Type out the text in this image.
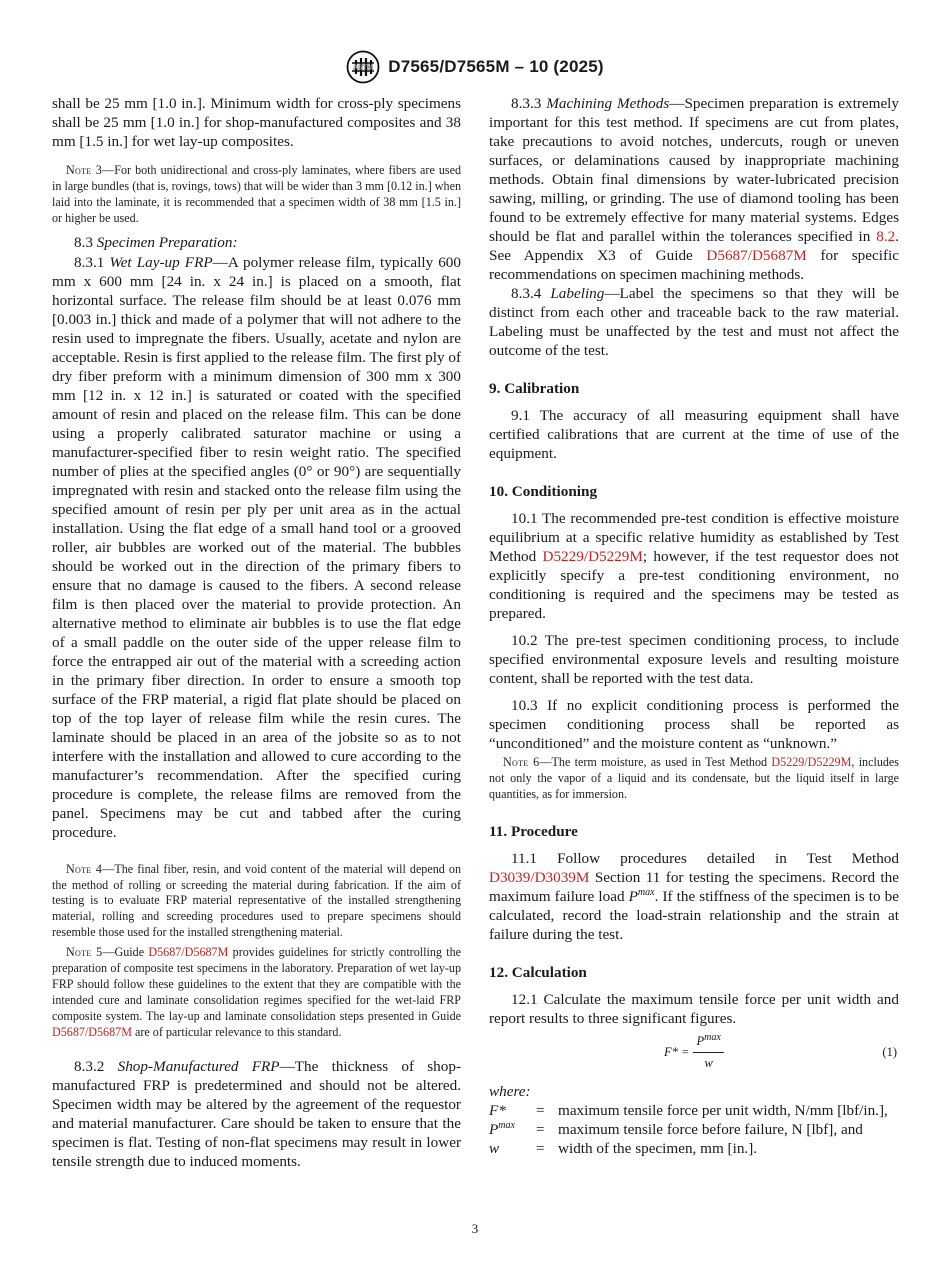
ASTM D7565/D7565M – 10 (2025)

shall be 25 mm [1.0 in.]. Minimum width for cross-ply specimens shall be 25 mm [1.0 in.] for shop-manufactured composites and 38 mm [1.5 in.] for wet lay-up composites.

Note 3—For both unidirectional and cross-ply laminates, where fibers are used in large bundles (that is, rovings, tows) that will be wider than 3 mm [0.12 in.] when laid into the laminate, it is recommended that a specimen width of 38 mm [1.5 in.] or higher be used.

8.3 Specimen Preparation:

8.3.1 Wet Lay-up FRP—A polymer release film, typically 600 mm x 600 mm [24 in. x 24 in.] is placed on a smooth, flat horizontal surface. The release film should be at least 0.076 mm [0.003 in.] thick and made of a polymer that will not adhere to the resin used to impregnate the fibers. Usually, acetate and nylon are acceptable. Resin is first applied to the release film. The first ply of dry fiber preform with a minimum dimension of 300 mm x 300 mm [12 in. x 12 in.] is saturated or coated with the specified amount of resin and placed on the release film. This can be done using a properly calibrated saturator machine or using a manufacturer-specified fiber to resin weight ratio. The specified number of plies at the specified angles (0° or 90°) are sequentially impregnated with resin and stacked onto the release film using the specified amount of resin per ply per unit area as in the actual installation. Using the flat edge of a small hand tool or a grooved roller, air bubbles are worked out of the material. The bubbles should be worked out in the direction of the primary fibers to ensure that no damage is caused to the fibers. A second release film is then placed over the material to provide protection. An alternative method to eliminate air bubbles is to use the flat edge of a small paddle on the outer side of the upper release film to force the entrapped air out of the material with a screeding action in the primary fiber direction. In order to ensure a smooth top surface of the FRP material, a rigid flat plate should be placed on top of the top layer of release film while the resin cures. The laminate should be placed in an area of the jobsite so as to not interfere with the installation and allowed to cure according to the manufacturer’s recommendation. After the specified curing procedure is complete, the release films are removed from the panel. Specimens may be cut and tabbed after the curing procedure.

Note 4—The final fiber, resin, and void content of the material will depend on the method of rolling or screeding the material during fabrication. If the aim of testing is to evaluate FRP material representative of the installed strengthening material, rolling and screeding procedures used to prepare specimens should resemble those used for the installed strengthening material.

Note 5—Guide D5687/D5687M provides guidelines for strictly controlling the preparation of composite test specimens in the laboratory. Preparation of wet lay-up FRP should follow these guidelines to the extent that they are compatible with the intended cure and laminate consolidation regimes specified for the wet-laid FRP composite system. The lay-up and laminate consolidation steps presented in Guide D5687/D5687M are of particular relevance to this standard.

8.3.2 Shop-Manufactured FRP—The thickness of shop-manufactured FRP is predetermined and should not be altered. Specimen width may be altered by the agreement of the requestor and material manufacturer. Care should be taken to ensure that the specimen is flat. Testing of non-flat specimens may result in lower tensile strength due to induced moments.

8.3.3 Machining Methods—Specimen preparation is extremely important for this test method. If specimens are cut from plates, take precautions to avoid notches, undercuts, rough or uneven surfaces, or delaminations caused by inappropriate machining methods. Obtain final dimensions by water-lubricated precision sawing, milling, or grinding. The use of diamond tooling has been found to be extremely effective for many material systems. Edges should be flat and parallel within the tolerances specified in 8.2. See Appendix X3 of Guide D5687/D5687M for specific recommendations on specimen machining methods.

8.3.4 Labeling—Label the specimens so that they will be distinct from each other and traceable back to the raw material. Labeling must be unaffected by the test and must not affect the outcome of the test.

9. Calibration

9.1 The accuracy of all measuring equipment shall have certified calibrations that are current at the time of use of the equipment.

10. Conditioning

10.1 The recommended pre-test condition is effective moisture equilibrium at a specific relative humidity as established by Test Method D5229/D5229M; however, if the test requestor does not explicitly specify a pre-test conditioning environment, no conditioning is required and the specimens may be tested as prepared.

10.2 The pre-test specimen conditioning process, to include specified environmental exposure levels and resulting moisture content, shall be reported with the test data.

10.3 If no explicit conditioning process is performed the specimen conditioning process shall be reported as “unconditioned” and the moisture content as “unknown.”

Note 6—The term moisture, as used in Test Method D5229/D5229M, includes not only the vapor of a liquid and its condensate, but the liquid itself in large quantities, as for immersion.

11. Procedure

11.1 Follow procedures detailed in Test Method D3039/D3039M Section 11 for testing the specimens. Record the maximum failure load $P^{max}$. If the stiffness of the specimen is to be calculated, record the load-strain relationship and the strain at failure during the test.

12. Calculation

12.1 Calculate the maximum tensile force per unit width and report results to three significant figures.

$F* = \frac{P^{max}}{w}$	(1)

where:

F*	= maximum tensile force per unit width, N/mm [lbf/in.],
$P^{max}$	= maximum tensile force before failure, N [lbf], and
w	= width of the specimen, mm [in.].
3
